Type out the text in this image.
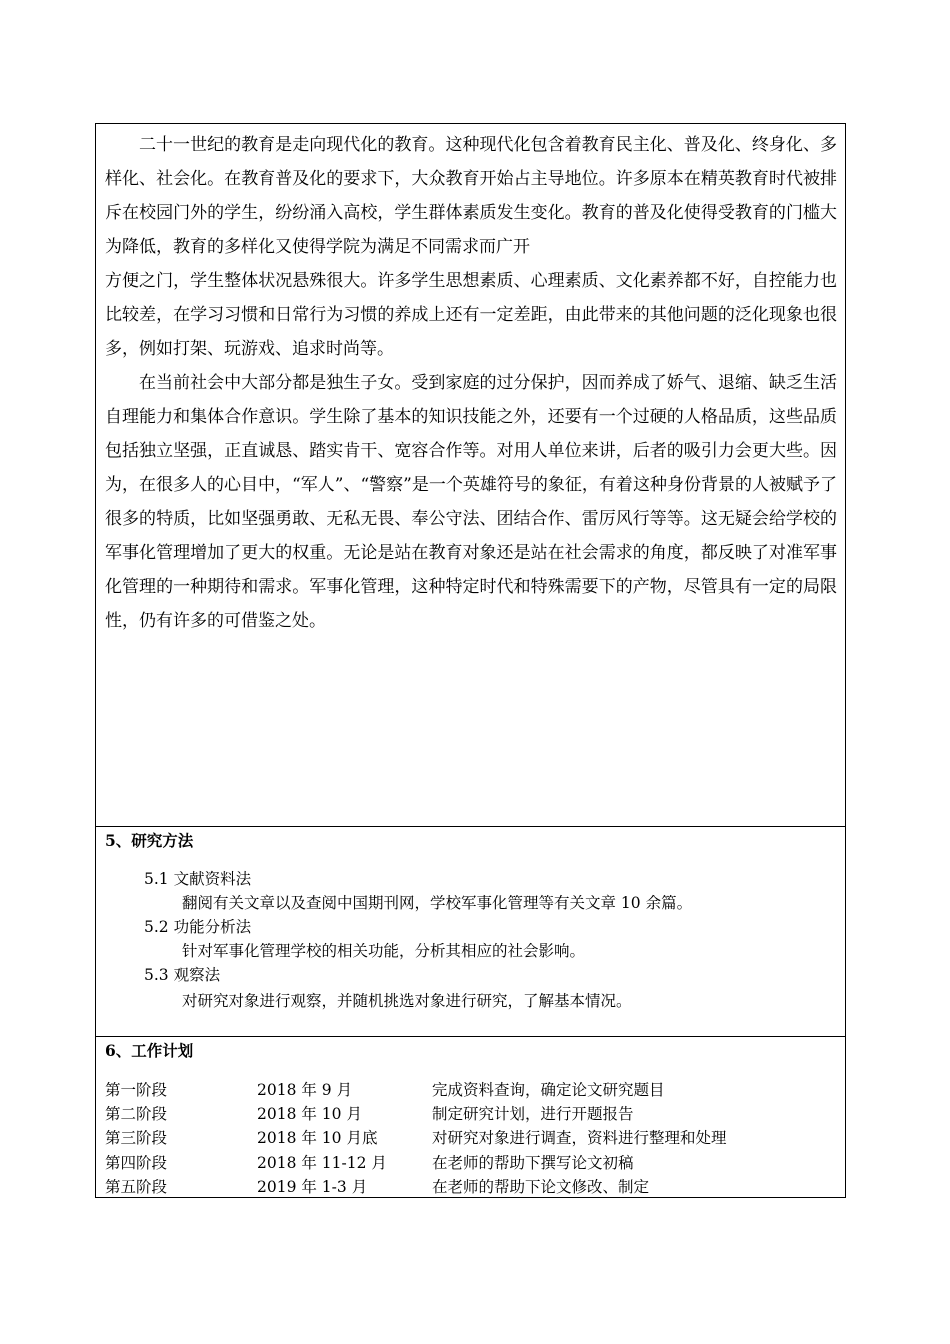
二十一世纪的教育是走向现代化的教育。这种现代化包含着教育民主化、普及化、终身化、多样化、社会化。在教育普及化的要求下，大众教育开始占主导地位。许多原本在精英教育时代被排斥在校园门外的学生，纷纷涌入高校，学生群体素质发生变化。教育的普及化使得受教育的门槛大为降低，教育的多样化又使得学院为满足不同需求而广开

方便之门，学生整体状况悬殊很大。许多学生思想素质、心理素质、文化素养都不好，自控能力也比较差，在学习习惯和日常行为习惯的养成上还有一定差距，由此带来的其他问题的泛化现象也很多，例如打架、玩游戏、追求时尚等。

在当前社会中大部分都是独生子女。受到家庭的过分保护，因而养成了娇气、退缩、缺乏生活自理能力和集体合作意识。学生除了基本的知识技能之外，还要有一个过硬的人格品质，这些品质包括独立坚强，正直诚恳、踏实肯干、宽容合作等。对用人单位来讲，后者的吸引力会更大些。因为，在很多人的心目中，“军人”、“警察”是一个英雄符号的象征，有着这种身份背景的人被赋予了很多的特质，比如坚强勇敢、无私无畏、奉公守法、团结合作、雷厉风行等等。这无疑会给学校的军事化管理增加了更大的权重。无论是站在教育对象还是站在社会需求的角度，都反映了对准军事化管理的一种期待和需求。军事化管理，这种特定时代和特殊需要下的产物，尽管具有一定的局限性，仍有许多的可借鉴之处。

5、研究方法
5.1 文献资料法
翻阅有关文章以及查阅中国期刊网，学校军事化管理等有关文章 10 余篇。
5.2 功能分析法
针对军事化管理学校的相关功能，分析其相应的社会影响。
5.3 观察法
对研究对象进行观察，并随机挑选对象进行研究，了解基本情况。
6、工作计划
第一阶段	2018 年 9 月	完成资料查询，确定论文研究题目
第二阶段	2018 年 10 月	制定研究计划，进行开题报告
第三阶段	2018 年 10 月底	对研究对象进行调查，资料进行整理和处理
第四阶段	2018 年 11-12 月	在老师的帮助下撰写论文初稿
第五阶段	2019 年 1-3 月	在老师的帮助下论文修改、制定
